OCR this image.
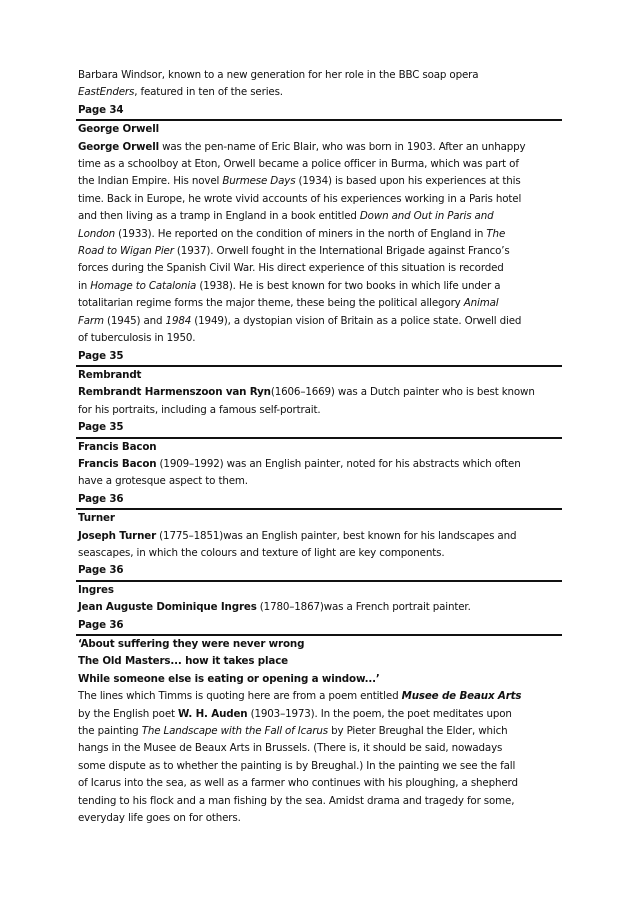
Barbara Windsor, known to a new generation for her role in the BBC soap opera

EastEnders, featured in ten of the series.

Page 34

George Orwell

George Orwell was the pen-name of Eric Blair, who was born in 1903. After an unhappy

time as a schoolboy at Eton, Orwell became a police officer in Burma, which was part of

the Indian Empire. His novel Burmese Days (1934) is based upon his experiences at this

time. Back in Europe, he wrote vivid accounts of his experiences working in a Paris hotel

and then living as a tramp in England in a book entitled Down and Out in Paris and

London (1933). He reported on the condition of miners in the north of England in The

Road to Wigan Pier (1937). Orwell fought in the International Brigade against Franco’s

forces during the Spanish Civil War. His direct experience of this situation is recorded

in Homage to Catalonia (1938). He is best known for two books in which life under a

totalitarian regime forms the major theme, these being the political allegory Animal

Farm (1945) and 1984 (1949), a dystopian vision of Britain as a police state. Orwell died

of tuberculosis in 1950.

Page 35

Rembrandt

Rembrandt Harmenszoon van Ryn(1606–1669) was a Dutch painter who is best known

for his portraits, including a famous self-portrait.

Page 35

Francis Bacon

Francis Bacon (1909–1992) was an English painter, noted for his abstracts which often

have a grotesque aspect to them.

Page 36

Turner

Joseph Turner (1775–1851)was an English painter, best known for his landscapes and

seascapes, in which the colours and texture of light are key components.

Page 36

Ingres

Jean Auguste Dominique Ingres (1780–1867)was a French portrait painter.

Page 36

‘About suffering they were never wrong

The Old Masters... how it takes place

While someone else is eating or opening a window...’

The lines which Timms is quoting here are from a poem entitled Musee de Beaux Arts

by the English poet W. H. Auden (1903–1973). In the poem, the poet meditates upon

the painting The Landscape with the Fall of Icarus by Pieter Breughal the Elder, which

hangs in the Musee de Beaux Arts in Brussels. (There is, it should be said, nowadays

some dispute as to whether the painting is by Breughal.) In the painting we see the fall

of Icarus into the sea, as well as a farmer who continues with his ploughing, a shepherd

tending to his flock and a man fishing by the sea. Amidst drama and tragedy for some,

everyday life goes on for others.
